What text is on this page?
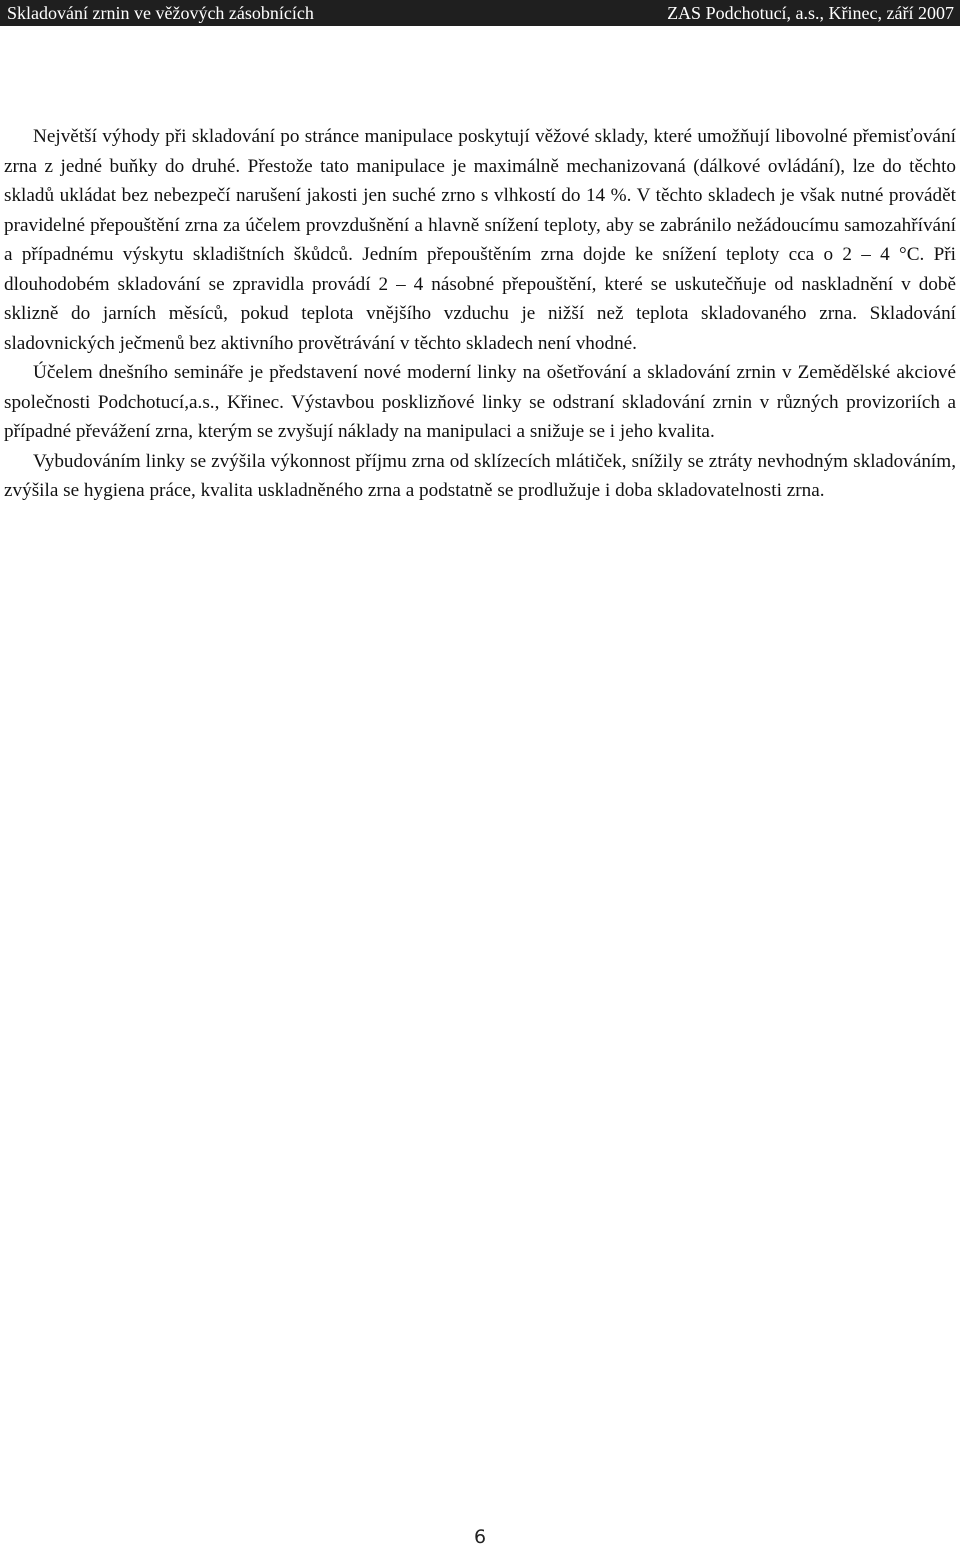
Skladování zrnin ve věžových zásobnících	ZAS Podchotucí, a.s., Křinec, září 2007

Největší výhody při skladování po stránce manipulace poskytují věžové sklady, které umožňují libovolné přemisťování zrna z jedné buňky do druhé. Přestože tato manipulace je maximálně mechanizovaná (dálkové ovládání), lze do těchto skladů ukládat bez nebezpečí narušení jakosti jen suché zrno s vlhkostí do 14 %. V těchto skladech je však nutné provádět pravidelné přepouštění zrna za účelem provzdušnění a hlavně snížení teploty, aby se zabránilo nežádoucímu samozahřívání a případnému výskytu skladištních škůdců. Jedním přepouštěním zrna dojde ke snížení teploty cca o 2 – 4 °C. Při dlouhodobém skladování se zpravidla provádí 2 – 4 násobné přepouštění, které se uskutečňuje od naskladnění v době sklizně do jarních měsíců, pokud teplota vnějšího vzduchu je nižší než teplota skladovaného zrna. Skladování sladovnických ječmenů bez aktivního provětrávání v těchto skladech není vhodné.

Účelem dnešního semináře je představení nové moderní linky na ošetřování a skladování zrnin v Zemědělské akciové společnosti Podchotucí,a.s., Křinec. Výstavbou posklizňové linky se odstraní skladování zrnin v různých provizoriích a případné převážení zrna, kterým se zvyšují náklady na manipulaci a snižuje se i jeho kvalita.

Vybudováním linky se zvýšila výkonnost příjmu zrna od sklízecích mlátiček, snížily se ztráty nevhodným skladováním, zvýšila se hygiena práce, kvalita uskladněného zrna a podstatně se prodlužuje i doba skladovatelnosti zrna.

6
